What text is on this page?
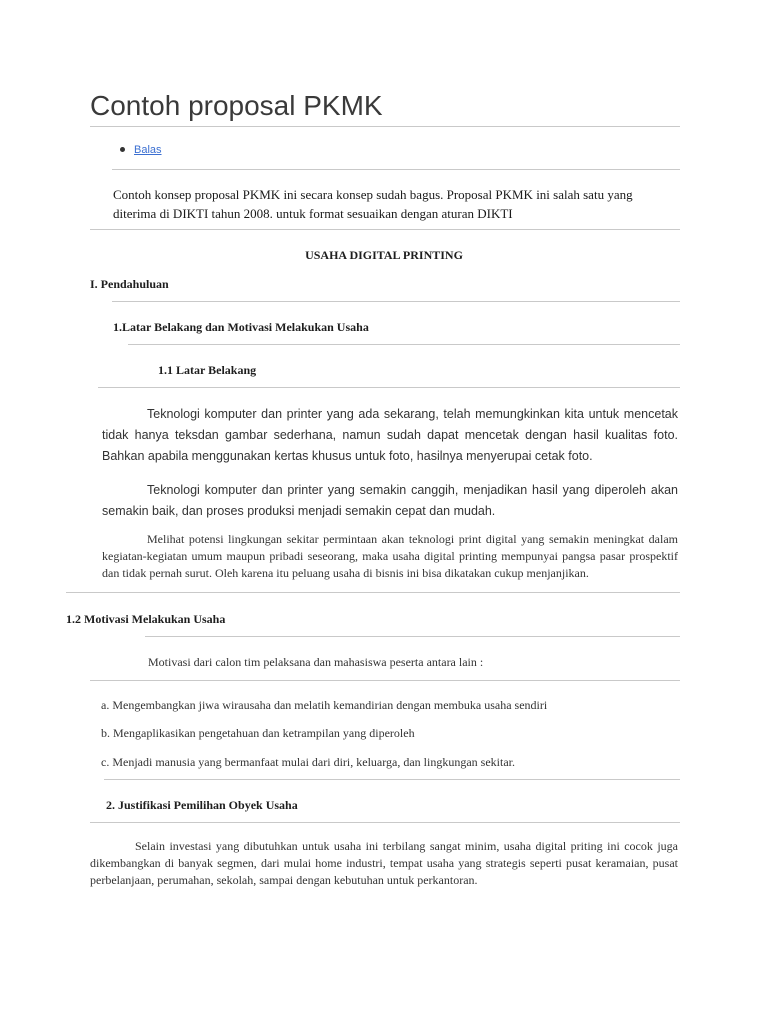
Contoh proposal PKMK
Balas
Contoh konsep proposal PKMK ini secara konsep sudah bagus. Proposal PKMK ini salah satu yang diterima di DIKTI tahun 2008. untuk format sesuaikan dengan aturan DIKTI
USAHA DIGITAL PRINTING
I. Pendahuluan
1.Latar Belakang dan Motivasi Melakukan Usaha
1.1 Latar Belakang
Teknologi komputer dan printer yang ada sekarang, telah memungkinkan kita untuk mencetak tidak hanya teksdan gambar sederhana, namun sudah dapat mencetak dengan hasil kualitas foto. Bahkan apabila menggunakan kertas khusus untuk foto, hasilnya menyerupai cetak foto.
Teknologi komputer dan printer yang semakin canggih, menjadikan hasil yang diperoleh akan semakin baik, dan proses produksi menjadi semakin cepat dan mudah.
Melihat potensi lingkungan sekitar permintaan akan teknologi print digital yang semakin meningkat dalam kegiatan-kegiatan umum maupun pribadi seseorang, maka usaha digital printing mempunyai pangsa pasar prospektif dan tidak pernah surut. Oleh karena itu peluang usaha di bisnis ini bisa dikatakan cukup menjanjikan.
1.2 Motivasi Melakukan Usaha
Motivasi dari calon tim pelaksana dan mahasiswa peserta antara lain :
a. Mengembangkan jiwa wirausaha dan melatih kemandirian dengan membuka usaha sendiri
b. Mengaplikasikan pengetahuan dan ketrampilan yang diperoleh
c. Menjadi manusia yang bermanfaat mulai dari diri, keluarga, dan lingkungan sekitar.
2. Justifikasi Pemilihan Obyek Usaha
Selain investasi yang dibutuhkan untuk usaha ini terbilang sangat minim, usaha digital priting ini cocok juga dikembangkan di banyak segmen, dari mulai home industri, tempat usaha yang strategis seperti pusat keramaian, pusat perbelanjaan, perumahan, sekolah, sampai dengan kebutuhan untuk perkantoran.
